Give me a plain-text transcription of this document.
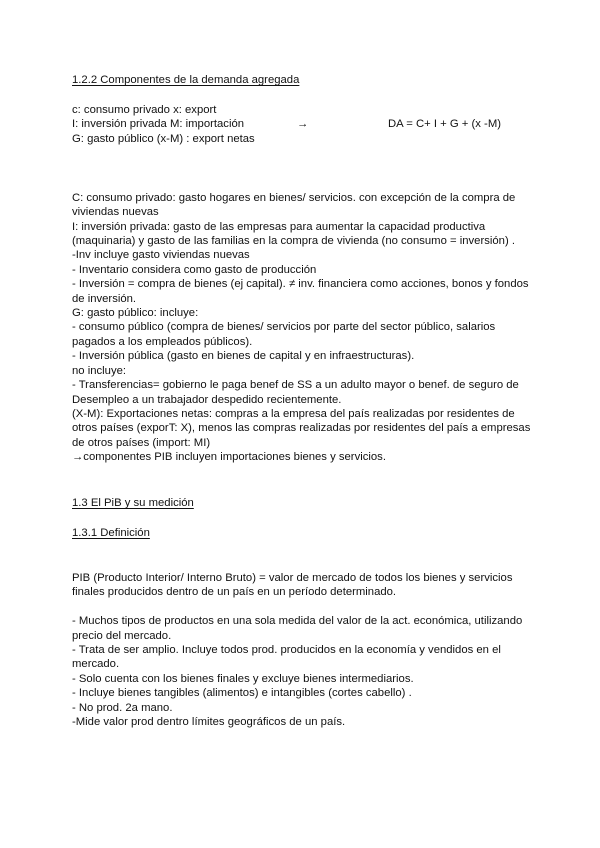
1.2.2 Componentes de la demanda agregada
c: consumo privado x: export
I: inversión privada M: importación	→	DA = C+ I + G + (x -M)
G: gasto público (x-M) : export netas
C: consumo privado: gasto hogares en bienes/ servicios. con excepción de la compra de
viviendas nuevas
I: inversión privada: gasto de las empresas para aumentar la capacidad productiva
(maquinaria) y gasto de las familias en la compra de vivienda (no consumo = inversión) .
-Inv incluye gasto viviendas nuevas
- Inventario considera como gasto de producción
- Inversión = compra de bienes (ej capital). ≠ inv. financiera como acciones, bonos y fondos
de inversión.
G: gasto público: incluye:
- consumo público (compra de bienes/ servicios por parte del sector público, salarios
pagados a los empleados públicos).
- Inversión pública (gasto en bienes de capital y en infraestructuras).
no incluye:
- Transferencias= gobierno le paga benef de SS a un adulto mayor o benef. de seguro de
Desempleo a un trabajador despedido recientemente.
(X-M): Exportaciones netas: compras a la empresa del país realizadas por residentes de
otros países (exporT: X), menos las compras realizadas por residentes del país a empresas
de otros países (import: MI)
→componentes PIB incluyen importaciones bienes y servicios.
1.3 El PiB y su medición
1.3.1 Definición
PIB (Producto Interior/ Interno Bruto) = valor de mercado de todos los bienes y servicios
finales producidos dentro de un país en un período determinado.
- Muchos tipos de productos en una sola medida del valor de la act. económica, utilizando
precio del mercado.
- Trata de ser amplio. Incluye todos prod. producidos en la economía y vendidos en el
mercado.
- Solo cuenta con los bienes finales y excluye bienes intermediarios.
- Incluye bienes tangibles (alimentos) e intangibles (cortes cabello) .
- No prod. 2a mano.
-Mide valor prod dentro límites geográficos de un país.
